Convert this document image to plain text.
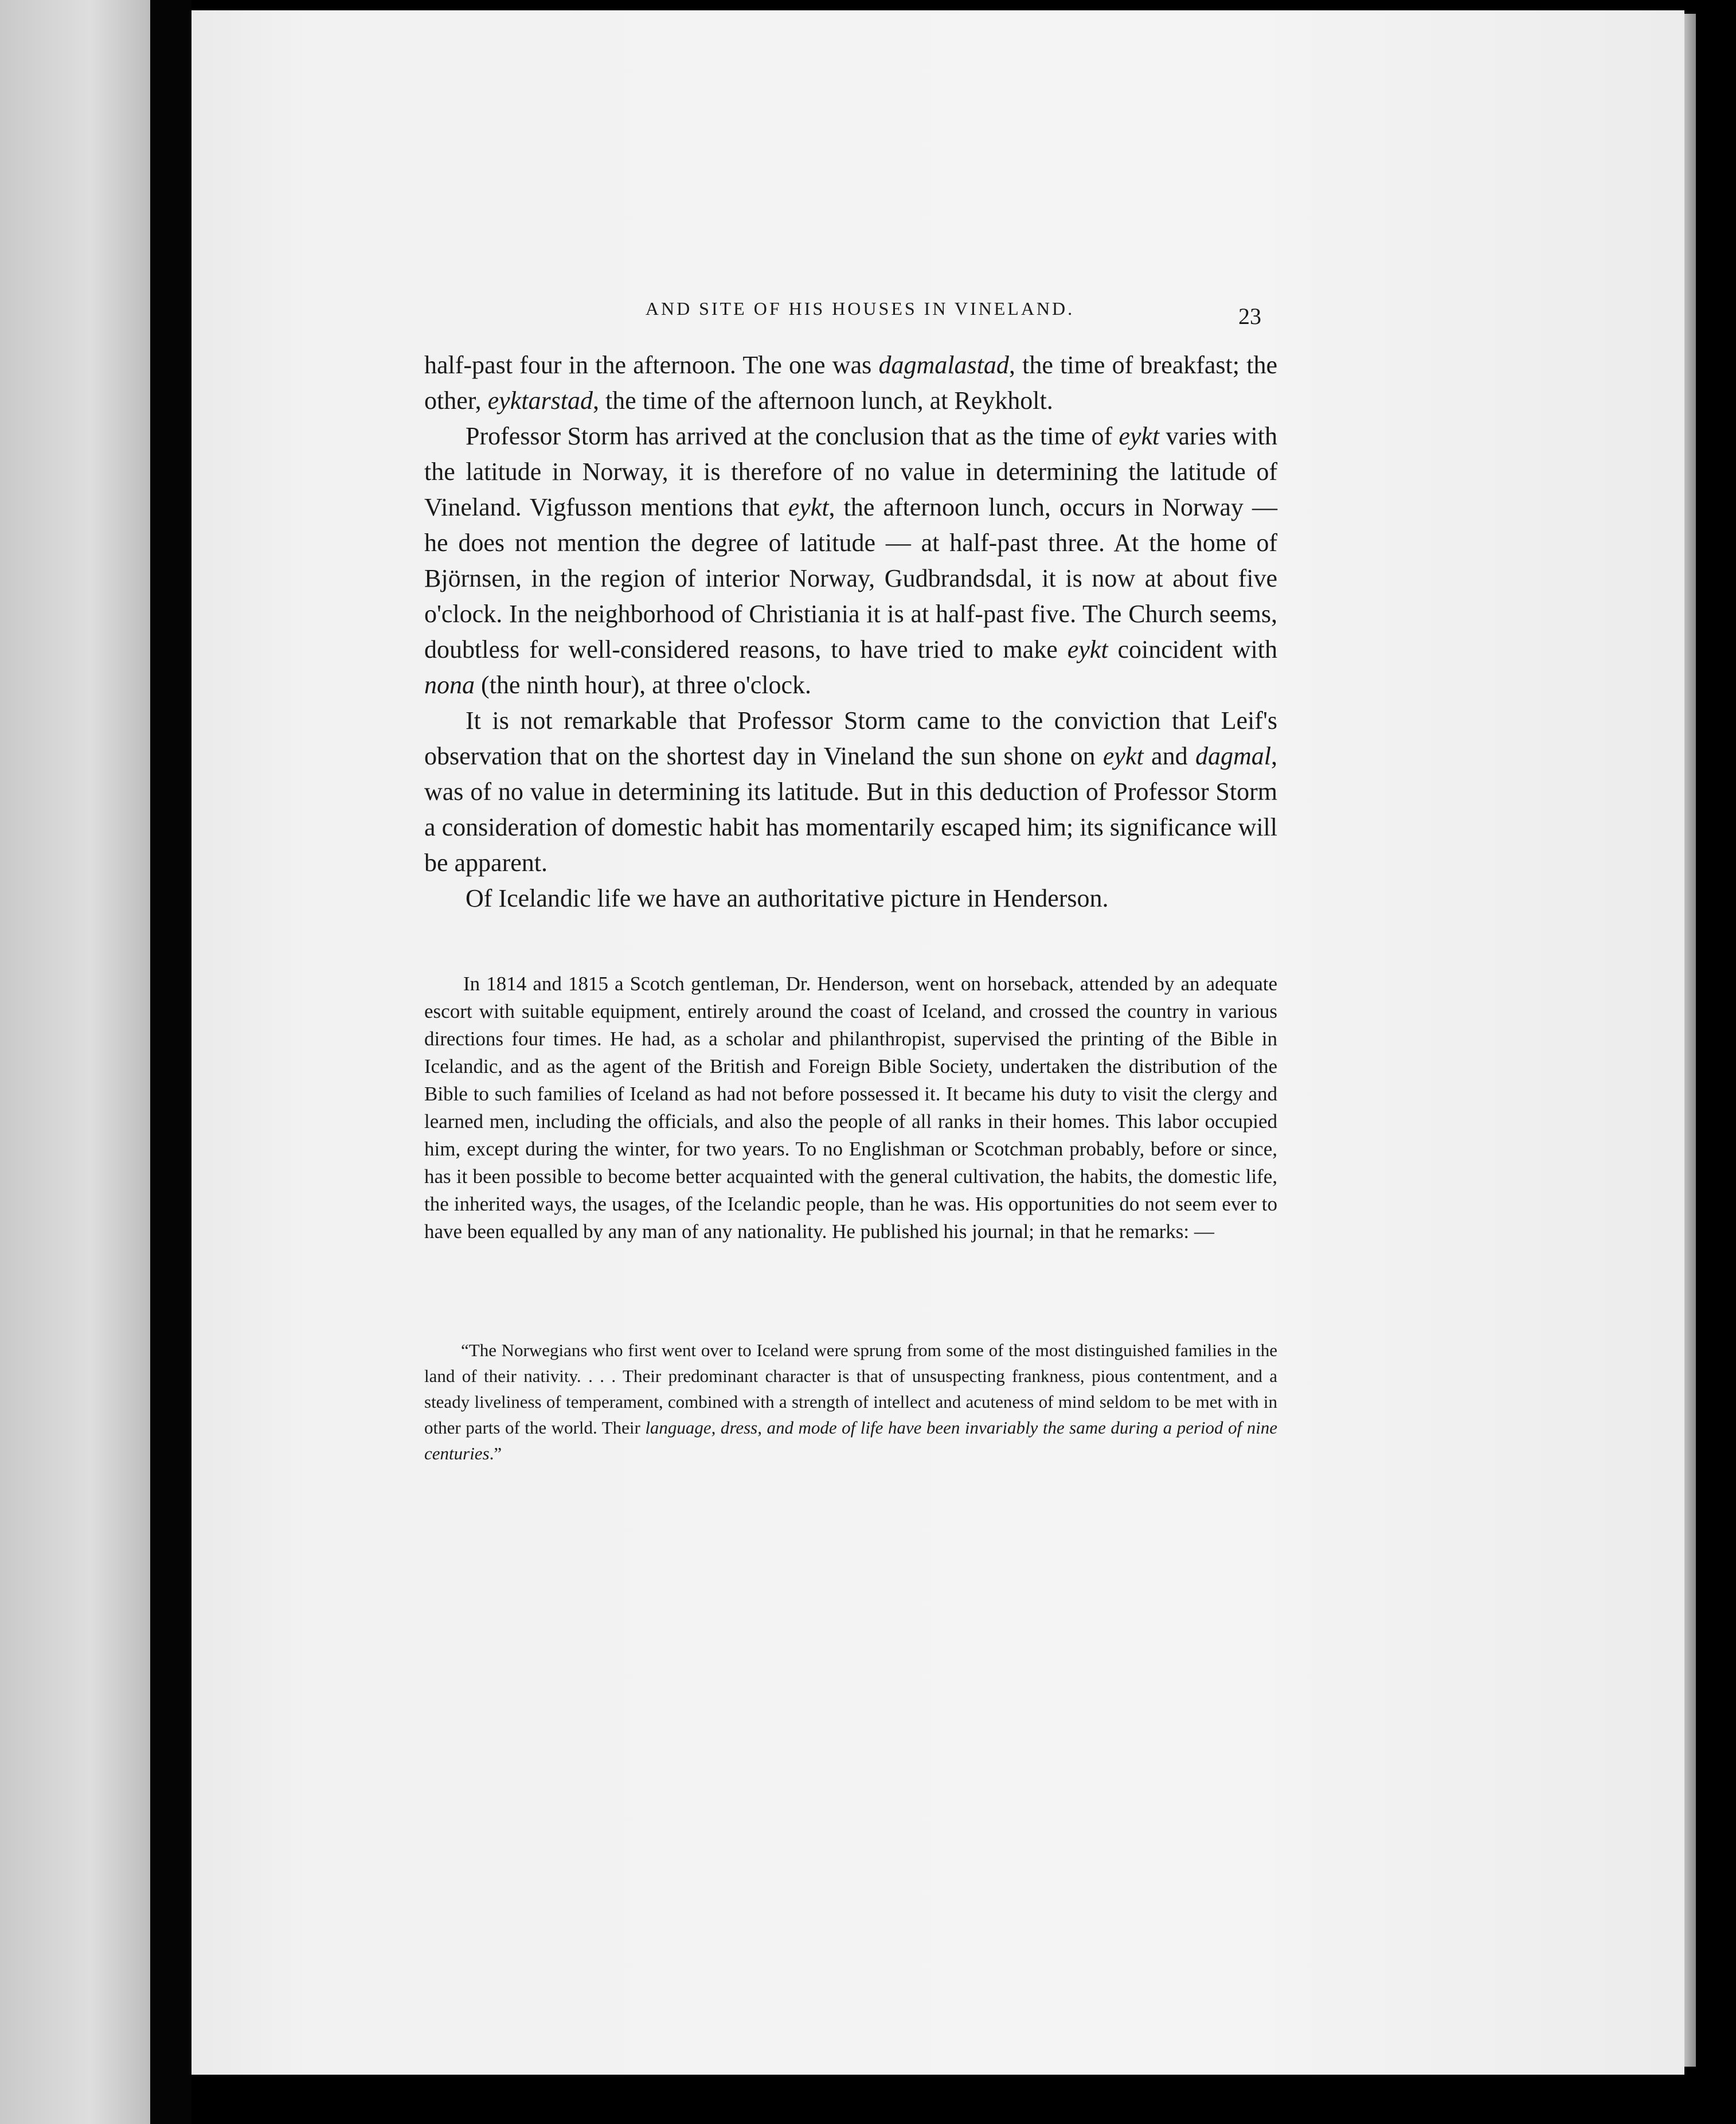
AND SITE OF HIS HOUSES IN VINELAND.	23

half-past four in the afternoon. The one was dagmalastad, the time of breakfast; the other, eyktarstad, the time of the afternoon lunch, at Reykholt.

Professor Storm has arrived at the conclusion that as the time of eykt varies with the latitude in Norway, it is therefore of no value in determining the latitude of Vineland. Vigfusson mentions that eykt, the afternoon lunch, occurs in Norway — he does not mention the degree of latitude — at half-past three. At the home of Björnsen, in the region of interior Norway, Gudbrandsdal, it is now at about five o'clock. In the neighborhood of Christiania it is at half-past five. The Church seems, doubtless for well-considered reasons, to have tried to make eykt coincident with nona (the ninth hour), at three o'clock.

It is not remarkable that Professor Storm came to the conviction that Leif's observation that on the shortest day in Vineland the sun shone on eykt and dagmal, was of no value in determining its latitude. But in this deduction of Professor Storm a consideration of domestic habit has momentarily escaped him; its significance will be apparent.

Of Icelandic life we have an authoritative picture in Henderson.

In 1814 and 1815 a Scotch gentleman, Dr. Henderson, went on horseback, attended by an adequate escort with suitable equipment, entirely around the coast of Iceland, and crossed the country in various directions four times. He had, as a scholar and philanthropist, supervised the printing of the Bible in Icelandic, and as the agent of the British and Foreign Bible Society, undertaken the distribution of the Bible to such families of Iceland as had not before possessed it. It became his duty to visit the clergy and learned men, including the officials, and also the people of all ranks in their homes. This labor occupied him, except during the winter, for two years. To no Englishman or Scotchman probably, before or since, has it been possible to become better acquainted with the general cultivation, the habits, the domestic life, the inherited ways, the usages, of the Icelandic people, than he was. His opportunities do not seem ever to have been equalled by any man of any nationality. He published his journal; in that he remarks: —

“The Norwegians who first went over to Iceland were sprung from some of the most distinguished families in the land of their nativity. . . . Their predominant character is that of unsuspecting frankness, pious contentment, and a steady liveliness of temperament, combined with a strength of intellect and acuteness of mind seldom to be met with in other parts of the world. Their language, dress, and mode of life have been invariably the same during a period of nine centuries.”
